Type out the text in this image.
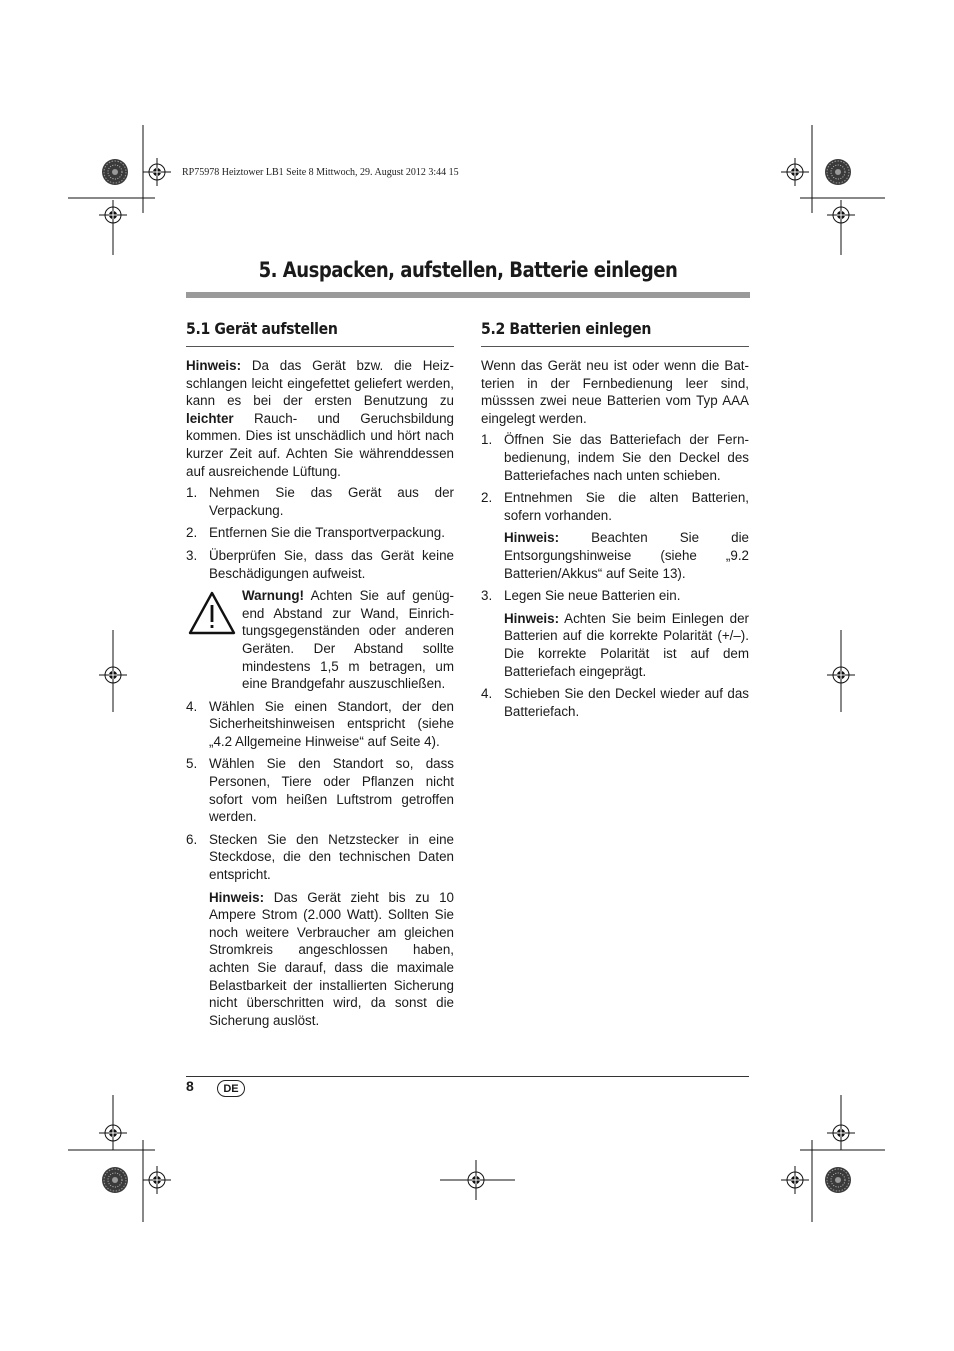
RP75978 Heiztower LB1 Seite 8 Mittwoch, 29. August 2012 3:44 15
5. Auspacken, aufstellen, Batterie einlegen
5.1 Gerät aufstellen

Hinweis: Da das Gerät bzw. die Heizschlangen leicht eingefettet geliefert werden, kann es bei der ersten Benutzung zu leichter Rauch- und Geruchsbildung kommen. Dies ist unschädlich und hört nach kurzer Zeit auf. Achten Sie währenddessen auf ausreichende Lüftung.

1. Nehmen Sie das Gerät aus der Verpackung.
2. Entfernen Sie die Transportverpackung.
3. Überprüfen Sie, dass das Gerät keine Beschädigungen aufweist.
Warnung! Achten Sie auf genügend Abstand zur Wand, Einrichtungsgegenständen oder anderen Geräten. Der Abstand sollte mindestens 1,5 m betragen, um eine Brandgefahr auszuschließen.
4. Wählen Sie einen Standort, der den Sicherheitshinweisen entspricht (siehe „4.2 Allgemeine Hinweise“ auf Seite 4).
5. Wählen Sie den Standort so, dass Personen, Tiere oder Pflanzen nicht sofort vom heißen Luftstrom getroffen werden.
6. Stecken Sie den Netzstecker in eine Steckdose, die den technischen Daten entspricht.

Hinweis: Das Gerät zieht bis zu 10 Ampere Strom (2.000 Watt). Sollten Sie noch weitere Verbraucher am gleichen Stromkreis angeschlossen haben, achten Sie darauf, dass die maximale Belastbarkeit der installierten Sicherung nicht überschritten wird, da sonst die Sicherung auslöst.

5.2 Batterien einlegen

Wenn das Gerät neu ist oder wenn die Batterien in der Fernbedienung leer sind, müsssen zwei neue Batterien vom Typ AAA eingelegt werden.

1. Öffnen Sie das Batteriefach der Fernbedienung, indem Sie den Deckel des Batteriefaches nach unten schieben.
2. Entnehmen Sie die alten Batterien, sofern vorhanden.

Hinweis: Beachten Sie die Entsorgungshinweise (siehe „9.2 Batterien/Akkus“ auf Seite 13).

3. Legen Sie neue Batterien ein.

Hinweis: Achten Sie beim Einlegen der Batterien auf die korrekte Polarität (+/–). Die korrekte Polarität ist auf dem Batteriefach eingeprägt.

4. Schieben Sie den Deckel wieder auf das Batteriefach.
8	DE
